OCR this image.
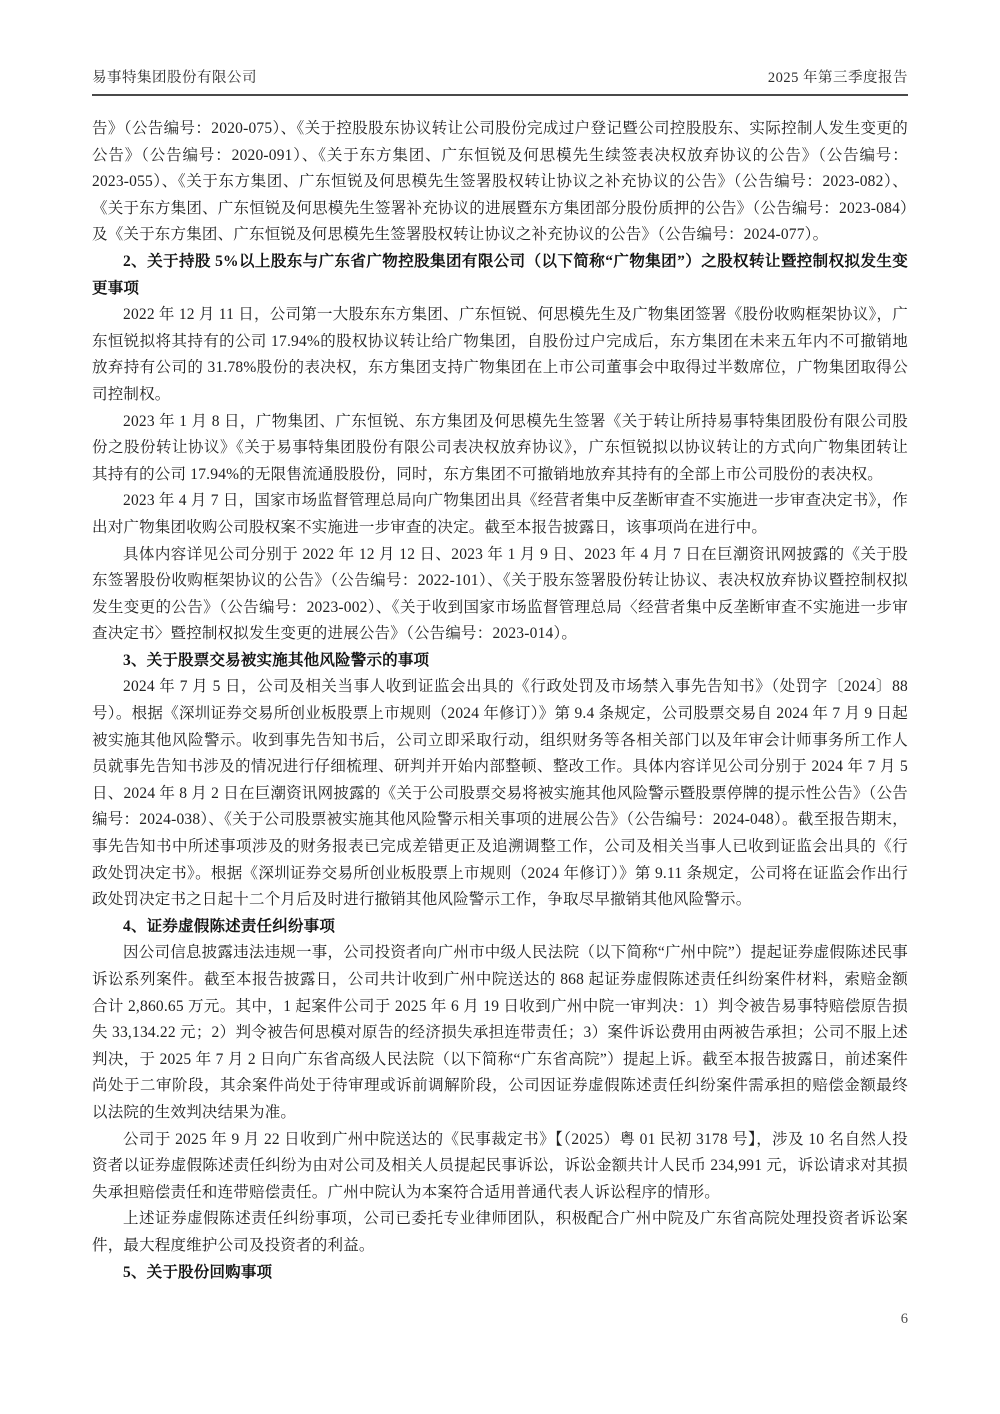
易事特集团股份有限公司	2025 年第三季度报告

告》（公告编号：2020-075）、《关于控股股东协议转让公司股份完成过户登记暨公司控股股东、实际控制人发生变更的公告》（公告编号：2020-091）、《关于东方集团、广东恒锐及何思模先生续签表决权放弃协议的公告》（公告编号：2023-055）、《关于东方集团、广东恒锐及何思模先生签署股权转让协议之补充协议的公告》（公告编号：2023-082）、《关于东方集团、广东恒锐及何思模先生签署补充协议的进展暨东方集团部分股份质押的公告》（公告编号：2023-084）及《关于东方集团、广东恒锐及何思模先生签署股权转让协议之补充协议的公告》（公告编号：2024-077）。

2、关于持股 5%以上股东与广东省广物控股集团有限公司（以下简称“广物集团”）之股权转让暨控制权拟发生变更事项

2022 年 12 月 11 日，公司第一大股东东方集团、广东恒锐、何思模先生及广物集团签署《股份收购框架协议》，广东恒锐拟将其持有的公司 17.94%的股权协议转让给广物集团，自股份过户完成后，东方集团在未来五年内不可撤销地放弃持有公司的 31.78%股份的表决权，东方集团支持广物集团在上市公司董事会中取得过半数席位，广物集团取得公司控制权。

2023 年 1 月 8 日，广物集团、广东恒锐、东方集团及何思模先生签署《关于转让所持易事特集团股份有限公司股份之股份转让协议》《关于易事特集团股份有限公司表决权放弃协议》，广东恒锐拟以协议转让的方式向广物集团转让其持有的公司 17.94%的无限售流通股股份，同时，东方集团不可撤销地放弃其持有的全部上市公司股份的表决权。

2023 年 4 月 7 日，国家市场监督管理总局向广物集团出具《经营者集中反垄断审查不实施进一步审查决定书》，作出对广物集团收购公司股权案不实施进一步审查的决定。截至本报告披露日，该事项尚在进行中。

具体内容详见公司分别于 2022 年 12 月 12 日、2023 年 1 月 9 日、2023 年 4 月 7 日在巨潮资讯网披露的《关于股东签署股份收购框架协议的公告》（公告编号：2022-101）、《关于股东签署股份转让协议、表决权放弃协议暨控制权拟发生变更的公告》（公告编号：2023-002）、《关于收到国家市场监督管理总局〈经营者集中反垄断审查不实施进一步审查决定书〉暨控制权拟发生变更的进展公告》（公告编号：2023-014）。

3、关于股票交易被实施其他风险警示的事项

2024 年 7 月 5 日，公司及相关当事人收到证监会出具的《行政处罚及市场禁入事先告知书》（处罚字〔2024〕88 号）。根据《深圳证券交易所创业板股票上市规则（2024 年修订）》第 9.4 条规定，公司股票交易自 2024 年 7 月 9 日起被实施其他风险警示。收到事先告知书后，公司立即采取行动，组织财务等各相关部门以及年审会计师事务所工作人员就事先告知书涉及的情况进行仔细梳理、研判并开始内部整顿、整改工作。具体内容详见公司分别于 2024 年 7 月 5 日、2024 年 8 月 2 日在巨潮资讯网披露的《关于公司股票交易将被实施其他风险警示暨股票停牌的提示性公告》（公告编号：2024-038）、《关于公司股票被实施其他风险警示相关事项的进展公告》（公告编号：2024-048）。截至报告期末，事先告知书中所述事项涉及的财务报表已完成差错更正及追溯调整工作，公司及相关当事人已收到证监会出具的《行政处罚决定书》。根据《深圳证券交易所创业板股票上市规则（2024 年修订）》第 9.11 条规定，公司将在证监会作出行政处罚决定书之日起十二个月后及时进行撤销其他风险警示工作，争取尽早撤销其他风险警示。

4、证券虚假陈述责任纠纷事项

因公司信息披露违法违规一事，公司投资者向广州市中级人民法院（以下简称“广州中院”）提起证券虚假陈述民事诉讼系列案件。截至本报告披露日，公司共计收到广州中院送达的 868 起证券虚假陈述责任纠纷案件材料，索赔金额合计 2,860.65 万元。其中，1 起案件公司于 2025 年 6 月 19 日收到广州中院一审判决：1）判令被告易事特赔偿原告损失 33,134.22 元；2）判令被告何思模对原告的经济损失承担连带责任；3）案件诉讼费用由两被告承担；公司不服上述判决，于 2025 年 7 月 2 日向广东省高级人民法院（以下简称“广东省高院”）提起上诉。截至本报告披露日，前述案件尚处于二审阶段，其余案件尚处于待审理或诉前调解阶段，公司因证券虚假陈述责任纠纷案件需承担的赔偿金额最终以法院的生效判决结果为准。

公司于 2025 年 9 月 22 日收到广州中院送达的《民事裁定书》【（2025）粤 01 民初 3178 号】，涉及 10 名自然人投资者以证券虚假陈述责任纠纷为由对公司及相关人员提起民事诉讼，诉讼金额共计人民币 234,991 元，诉讼请求对其损失承担赔偿责任和连带赔偿责任。广州中院认为本案符合适用普通代表人诉讼程序的情形。

上述证券虚假陈述责任纠纷事项，公司已委托专业律师团队，积极配合广州中院及广东省高院处理投资者诉讼案件，最大程度维护公司及投资者的利益。

5、关于股份回购事项

6
